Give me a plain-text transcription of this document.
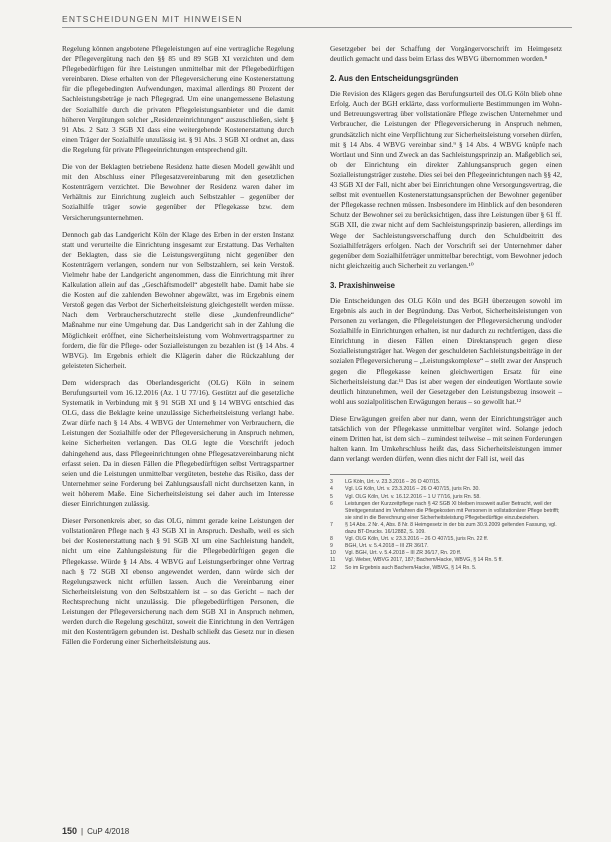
ENTSCHEIDUNGEN MIT HINWEISEN

Regelung können angebotene Pflegeleistungen auf eine vertragliche Regelung der Pflegevergütung nach den §§ 85 und 89 SGB XI verzichten und dem Pflegebedürftigen für ihre Leistungen unmittelbar mit der Pflegebedürftigen vereinbaren. Diese erhalten von der Pflegeversicherung eine Kostenerstattung für die pflegebedingten Aufwendungen, maximal allerdings 80 Prozent der Sachleistungsbeträge je nach Pflegegrad. Um eine unangemessene Belastung der Sozialhilfe durch die privaten Pflegeleistungsanbieter und die damit höheren Vergütungen solcher „Residenzeinrichtungen“ auszuschließen, sieht § 91 Abs. 2 Satz 3 SGB XI dass eine weitergehende Kostenerstattung durch einen Träger der Sozialhilfe unzulässig ist. § 91 Abs. 3 SGB XI ordnet an, dass die Regelung für private Pflegeeinrichtungen entsprechend gilt.

Die von der Beklagten betriebene Residenz hatte diesen Modell gewählt und mit den Abschluss einer Pflegesatzvereinbarung mit den gesetzlichen Kostenträgern verzichtet. Die Bewohner der Residenz waren daher im Verhältnis zur Einrichtung zugleich auch Selbstzahler – gegenüber der Sozialhilfe träger sowie gegenüber der Pflegekasse bzw. dem Versicherungsunternehmen.

Dennoch gab das Landgericht Köln der Klage des Erben in der ersten Instanz statt und verurteilte die Einrichtung insgesamt zur Erstattung. Das Verhalten der Beklagten, dass sie die Leistungsvergütung nicht gegenüber den Kostenträgern verlangen, sondern nur von Selbstzahlern, sei kein Verstoß. Vielmehr habe der Landgericht angenommen, dass die Einrichtung mit ihrer Kalkulation allein auf das „Geschäftsmodell“ abgestellt habe. Damit habe sie die Kosten auf die zahlenden Bewohner abgewälzt, was im Ergebnis einem Verstoß gegen das Verbot der Sicherheitsleistung gleichgestellt werden müsse. Nach dem Verbraucherschutzrecht stelle diese „kundenfreundliche“ Maßnahme nur eine Umgehung dar. Das Landgericht sah in der Zahlung die Möglichkeit eröffnet, eine Sicherheitsleistung vom Wohnvertragspartner zu fordern, die für die Pflege- oder Sozialleistungen zu bezahlen ist (§ 14 Abs. 4 WBVG). Im Ergebnis erhielt die Klägerin daher die Rückzahlung der geleisteten Sicherheit.

Dem widersprach das Oberlandesgericht (OLG) Köln in seinem Berufungsurteil vom 16.12.2016 (Az. 1 U 77/16). Gestützt auf die gesetzliche Systematik in Verbindung mit § 91 SGB XI und § 14 WBVG entschied das OLG, dass die Beklagte keine unzulässige Sicherheitsleistung verlangt habe. Zwar dürfe nach § 14 Abs. 4 WBVG der Unternehmer von Verbrauchern, die Leistungen der Sozialhilfe oder der Pflegeversicherung in Anspruch nehmen, keine Sicherheiten verlangen. Das OLG legte die Vorschrift jedoch dahingehend aus, dass Pflegeeinrichtungen ohne Pflegesatzvereinbarung nicht erfasst seien. Da in diesen Fällen die Pflegebedürftigen selbst Vertragspartner seien und die Leistungen unmittelbar vergüteten, bestehe das Risiko, dass der Unternehmer seine Forderung bei Zahlungsausfall nicht durchsetzen kann, in weit höherem Maße. Eine Sicherheitsleistung sei daher auch im Interesse dieser Einrichtungen zulässig.

Dieser Personenkreis aber, so das OLG, nimmt gerade keine Leistungen der vollstationären Pflege nach § 43 SGB XI in Anspruch. Deshalb, weil es sich bei der Kostenerstattung nach § 91 SGB XI um eine Sachleistung handelt, nicht um eine Zahlungsleistung für die Pflegebedürftigen gegen die Pflegekasse. Würde § 14 Abs. 4 WBVG auf Leistungserbringer ohne Vertrag nach § 72 SGB XI ebenso angewendet werden, dann würde sich der Regelungszweck nicht erfüllen lassen. Auch die Vereinbarung einer Sicherheitsleistung von den Selbstzahlern ist – so das Gericht – nach der Rechtsprechung nicht unzulässig. Die pflegebedürftigen Personen, die Leistungen der Pflegeversicherung nach dem SGB XI in Anspruch nehmen, werden durch die Regelung geschützt, soweit die Einrichtung in den Verträgen mit den Kostenträgern gebunden ist. Deshalb schließt das Gesetz nur in diesen Fällen die Forderung einer Sicherheitsleistung aus.

Gesetzgeber bei der Schaffung der Vorgängervorschrift im Heimgesetz deutlich gemacht und dass beim Erlass des WBVG übernommen worden.⁸

2. Aus den Entscheidungsgründen

Die Revision des Klägers gegen das Berufungsurteil des OLG Köln blieb ohne Erfolg. Auch der BGH erklärte, dass vorformulierte Bestimmungen im Wohn- und Betreuungsvertrag über vollstationäre Pflege zwischen Unternehmer und Verbraucher, die Leistungen der Pflegeversicherung in Anspruch nehmen, grundsätzlich nicht eine Verpflichtung zur Sicherheitsleistung vorsehen dürfen, mit § 14 Abs. 4 WBVG vereinbar sind.⁹ § 14 Abs. 4 WBVG knüpfe nach Wortlaut und Sinn und Zweck an das Sachleistungsprinzip an. Maßgeblich sei, ob der Einrichtung ein direkter Zahlungsanspruch gegen einen Sozialleistungsträger zustehe. Dies sei bei den Pflegeeinrichtungen nach §§ 42, 43 SGB XI der Fall, nicht aber bei Einrichtungen ohne Versorgungsvertrag, die selbst mit eventuellen Kostenerstattungsansprüchen der Bewohner gegenüber der Pflegekasse rechnen müssen. Insbesondere im Hinblick auf den besonderen Schutz der Bewohner sei zu berücksichtigen, dass ihre Leistungen über § 61 ff. SGB XII, die zwar nicht auf dem Sachleistungsprinzip basieren, allerdings im Wege der Sachleistungsverschaffung durch den Schuldbeitritt des Sozialhilfeträgers erfolgen. Nach der Vorschrift sei der Unternehmer daher gegenüber dem Sozialhilfeträger unmittelbar berechtigt, vom Bewohner jedoch nicht gleichzeitig auch Sicherheit zu verlangen.¹⁰

3. Praxishinweise

Die Entscheidungen des OLG Köln und des BGH überzeugen sowohl im Ergebnis als auch in der Begründung. Das Verbot, Sicherheitsleistungen von Personen zu verlangen, die Pflegeleistungen der Pflegeversicherung und/oder Sozialhilfe in Einrichtungen erhalten, ist nur dadurch zu rechtfertigen, dass die Einrichtung in diesen Fällen einen Direktanspruch gegen diese Sozialleistungsträger hat. Wegen der geschuldeten Sachleistungsbeiträge in der sozialen Pflegeversicherung – „Leistungskomplexe“ – stellt zwar der Anspruch gegen die Pflegekasse keinen gleichwertigen Ersatz für eine Sicherheitsleistung dar.¹¹ Das ist aber wegen der eindeutigen Wortlaute sowie deutlich hinzunehmen, weil der Gesetzgeber den Leistungsbezug insoweit – wohl aus sozialpolitischen Erwägungen heraus – so gewollt hat.¹²

Diese Erwägungen greifen aber nur dann, wenn der Einrichtungsträger auch tatsächlich von der Pflegekasse unmittelbar vergütet wird. Solange jedoch einem Dritten hat, ist dem sich – zumindest teilweise – mit seinen Forderungen halten kann. Im Umkehrschluss heißt das, dass Sicherheitsleistungen immer dann verlangt werden dürfen, wenn dies nicht der Fall ist, weil das

3	LG Köln, Urt. v. 23.3.2016 – 26 O 407/15.
4	Vgl. LG Köln, Urt. v. 23.3.2016 – 26 O 407/15, juris Rn. 30.
5	Vgl. OLG Köln, Urt. v. 16.12.2016 – 1 U 77/16, juris Rn. 58.
6	Leistungen der Kurzzeitpflege nach § 42 SGB XI bleiben insoweit außer Betracht, weil der Streitgegenstand im Verfahren die Pflegekosten mit Personen in vollstationärer Pflege betrifft; sie sind in die Berechnung einer Sicherheitsleistung Pflegebedürftige einzubeziehen.
7	§ 14 Abs. 2 Nr. 4, Abs. 8 Nr. 8 Heimgesetz in der bis zum 30.9.2009 geltenden Fassung, vgl. dazu BT-Drucks. 16/12882, S. 109.
8	Vgl. OLG Köln, Urt. v. 23.3.2016 – 26 O 407/15, juris Rn. 22 ff.
9	BGH, Urt. v. 5.4.2018 – III ZR 36/17.
10	Vgl. BGH, Urt. v. 5.4.2018 – III ZR 36/17, Rn. 20 ff.
11	Vgl. Weber, WBVG 2017, 187; Bachem/Hacke, WBVG, § 14 Rn. 5 ff.
12	So im Ergebnis auch Bachem/Hacke, WBVG, § 14 Rn. 5.
150 | CuP 4/2018
